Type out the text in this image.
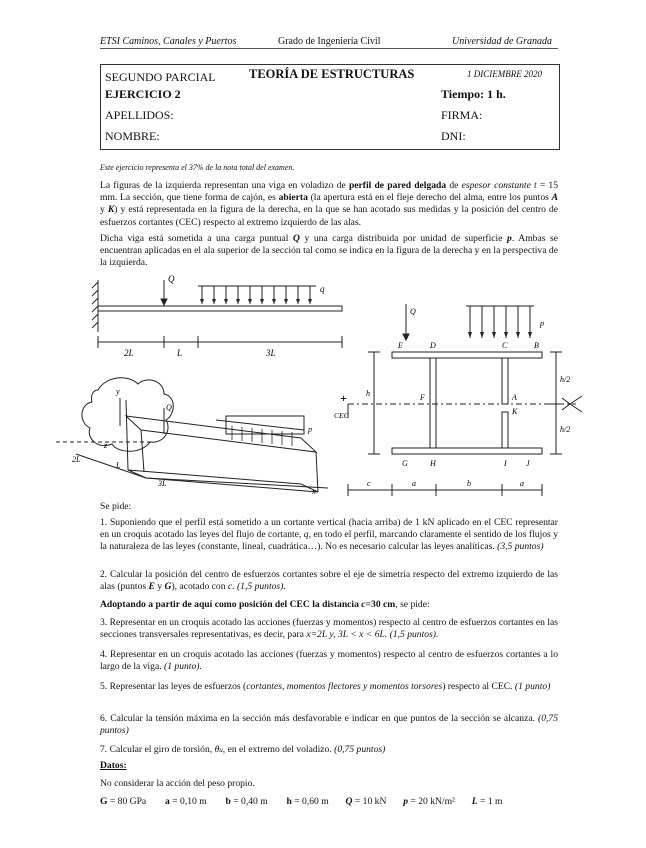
ETSI Caminos, Canales y Puertos	Grado de Ingeniería Civil	Universidad de Granada
SEGUNDO PARCIAL	TEORÍA DE ESTRUCTURAS	1 DICIEMBRE 2020
EJERCICIO 2	Tiempo: 1 h.
APELLIDOS:	FIRMA:
NOMBRE:	DNI:
Este ejercicio representa el 37% de la nota total del examen.

La figuras de la izquierda representan una viga en voladizo de perfil de pared delgada de espesor constante t = 15 mm. La sección, que tiene forma de cajón, es abierta (la apertura está en el flejе derecho del alma, entre los puntos A y K) y está representada en la figura de la derecha, en la que se han acotado sus medidas y la posición del centro de esfuerzos cortantes (CEC) respecto al extremo izquierdo de las alas.

Dicha viga está sometida a una carga puntual Q y una carga distribuida por unidad de superficie p. Ambas se encuentran aplicadas en el ala superior de la sección tal como se indica en la figura de la derecha y en la perspectiva de la izquierda.

Q
q
2L	L	3L
y
z
x
Q
p
2L
L
3L
+
CEC
Q
p
E	D	C	B
F	A
K
G	H	I J
h
h/2
h/2
c	a	b	a
Se pide:

1. Suponiendo que el perfil está sometido a un cortante vertical (hacia arriba) de 1 kN aplicado en el CEC representar en un croquis acotado las leyes del flujo de cortante, q, en todo el perfil, marcando claramente el sentido de los flujos y la naturaleza de las leyes (constante, lineal, cuadrática…). No es necesario calcular las leyes analíticas. (3,5 puntos)

2. Calcular la posición del centro de esfuerzos cortantes sobre el eje de simetría respecto del extremo izquierdo de las alas (puntos E y G), acotado con c. (1,5 puntos).

Adoptando a partir de aquí como posición del CEC la distancia c=30 cm, se pide:

3. Representar en un croquis acotado las acciones (fuerzas y momentos) respecto al centro de esfuerzos cortantes en las secciones transversales representativas, es decir, para x=2L y, 3L < x < 6L. (1,5 puntos).

4. Representar en un croquis acotado las acciones (fuerzas y momentos) respecto al centro de esfuerzos cortantes a lo largo de la viga. (1 punto).

5. Representar las leyes de esfuerzos (cortantes, momentos flectores y momentos torsores) respecto al CEC. (1 punto)

6. Calcular la tensión máxima en la sección más desfavorable e indicar en que puntos de la sección se alcanza. (0,75 puntos)

7. Calcular el giro de torsión, θu, en el extremo del voladizo. (0,75 puntos)

Datos:
No considerar la acción del peso propio.
G = 80 GPa a = 0,10 m b = 0,40 m h = 0,60 m Q = 10 kN p = 20 kN/m² L = 1 m
